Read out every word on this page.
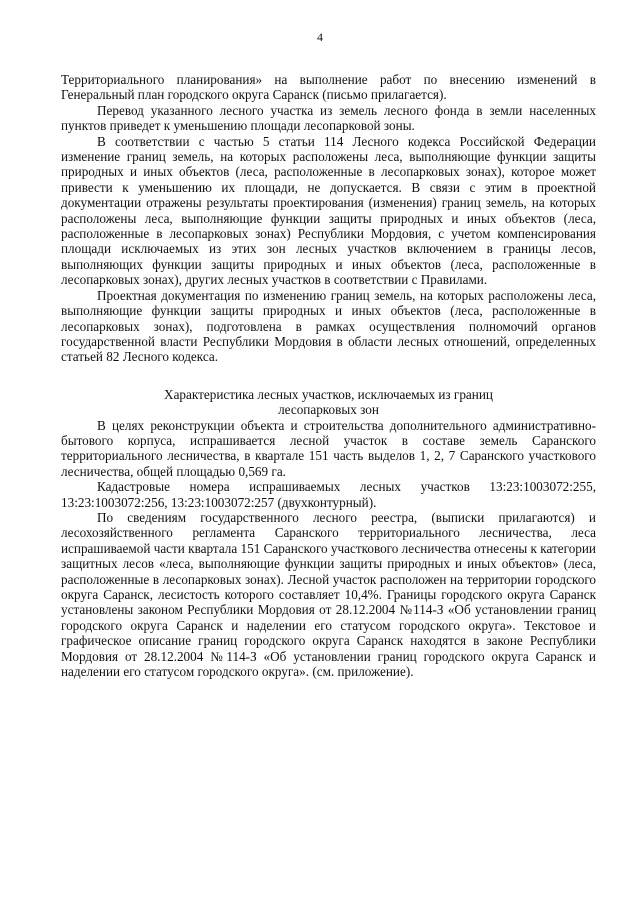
4

Территориального планирования» на выполнение работ по внесению изменений в Генеральный план городского округа Саранск (письмо прилагается).

Перевод указанного лесного участка из земель лесного фонда в земли населенных пунктов приведет к уменьшению площади лесопарковой зоны.

В соответствии с частью 5 статьи 114 Лесного кодекса Российской Федерации изменение границ земель, на которых расположены леса, выполняющие функции защиты природных и иных объектов (леса, расположенные в лесопарковых зонах), которое может привести к уменьшению их площади, не допускается. В связи с этим в проектной документации отражены результаты проектирования (изменения) границ земель, на которых расположены леса, выполняющие функции защиты природных и иных объектов (леса, расположенные в лесопарковых зонах) Республики Мордовия, с учетом компенсирования площади исключаемых из этих зон лесных участков включением в границы лесов, выполняющих функции защиты природных и иных объектов (леса, расположенные в лесопарковых зонах), других лесных участков в соответствии с Правилами.

Проектная документация по изменению границ земель, на которых расположены леса, выполняющие функции защиты природных и иных объектов (леса, расположенные в лесопарковых зонах), подготовлена в рамках осуществления полномочий органов государственной власти Республики Мордовия в области лесных отношений, определенных статьей 82 Лесного кодекса.

Характеристика лесных участков, исключаемых из границ
лесопарковых зон

В целях реконструкции объекта и строительства дополнительного административно-бытового корпуса, испрашивается лесной участок в составе земель Саранского территориального лесничества, в квартале 151 часть выделов 1, 2, 7 Саранского участкового лесничества, общей площадью 0,569 га.

Кадастровые номера испрашиваемых лесных участков 13:23:1003072:255, 13:23:1003072:256, 13:23:1003072:257 (двухконтурный).

По сведениям государственного лесного реестра, (выписки прилагаются) и лесохозяйственного регламента Саранского территориального лесничества, леса испрашиваемой части квартала 151 Саранского участкового лесничества отнесены к категории защитных лесов «леса, выполняющие функции защиты природных и иных объектов» (леса, расположенные в лесопарковых зонах). Лесной участок расположен на территории городского округа Саранск, лесистость которого составляет 10,4%. Границы городского округа Саранск установлены законом Республики Мордовия от 28.12.2004 №114-З «Об установлении границ городского округа Саранск и наделении его статусом городского округа». Текстовое и графическое описание границ городского округа Саранск находятся в законе Республики Мордовия от 28.12.2004 №114-З «Об установлении границ городского округа Саранск и наделении его статусом городского округа». (см. приложение).
